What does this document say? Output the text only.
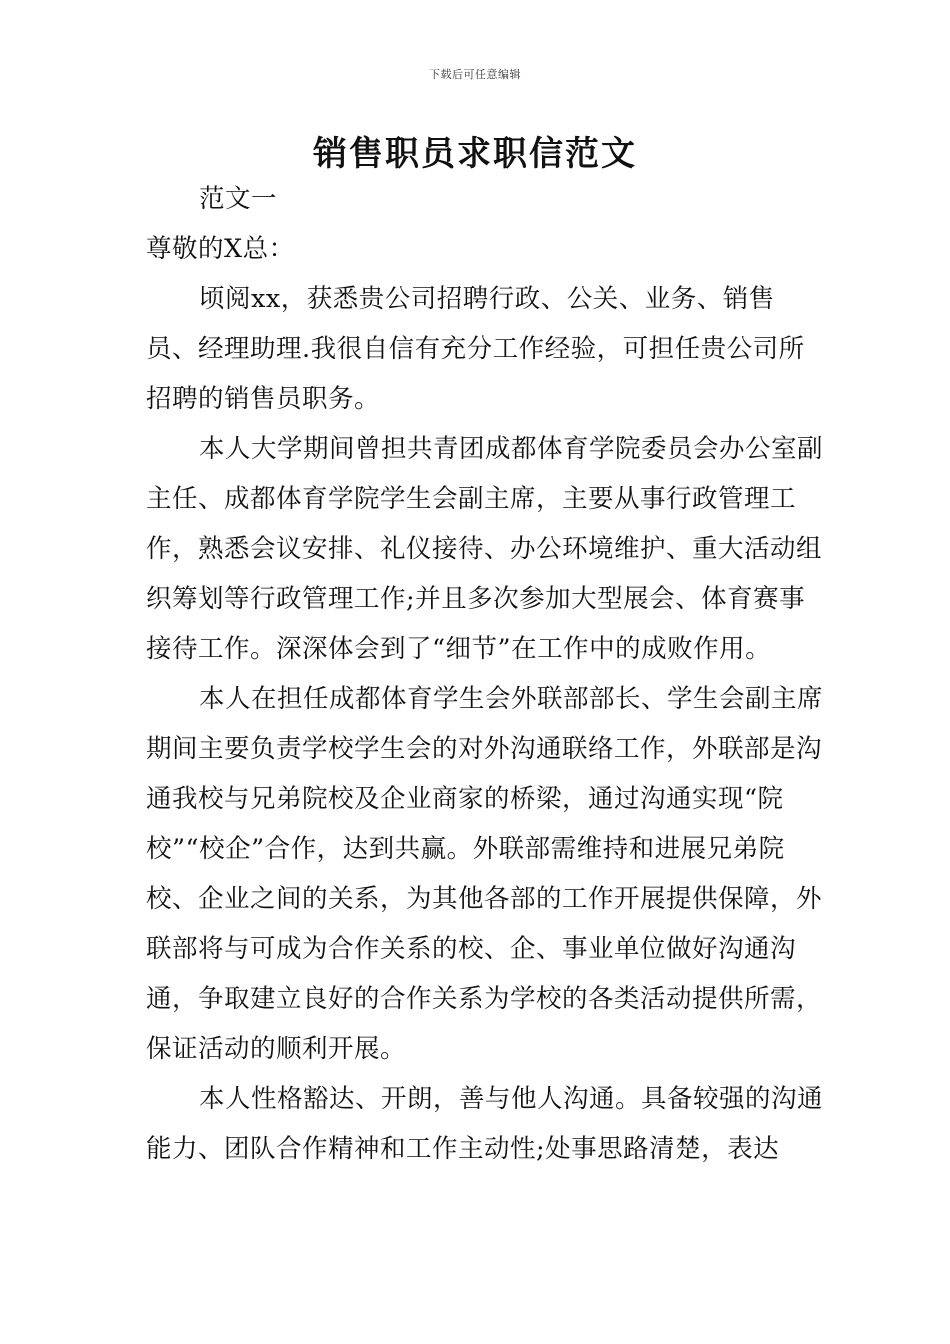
下载后可任意编辑
销售职员求职信范文

范文一

尊敬的X总：

顷阅xx，获悉贵公司招聘行政、公关、业务、销售员、经理助理.我很自信有充分工作经验，可担任贵公司所招聘的销售员职务。

本人大学期间曾担共青团成都体育学院委员会办公室副主任、成都体育学院学生会副主席，主要从事行政管理工作，熟悉会议安排、礼仪接待、办公环境维护、重大活动组织筹划等行政管理工作;并且多次参加大型展会、体育赛事接待工作。深深体会到了“细节”在工作中的成败作用。

本人在担任成都体育学生会外联部部长、学生会副主席期间主要负责学校学生会的对外沟通联络工作，外联部是沟通我校与兄弟院校及企业商家的桥梁，通过沟通实现“院校”“校企”合作，达到共赢。外联部需维持和进展兄弟院校、企业之间的关系，为其他各部的工作开展提供保障，外联部将与可成为合作关系的校、企、事业单位做好沟通沟通，争取建立良好的合作关系为学校的各类活动提供所需，保证活动的顺利开展。

本人性格豁达、开朗，善与他人沟通。具备较强的沟通能力、团队合作精神和工作主动性;处事思路清楚，表达
